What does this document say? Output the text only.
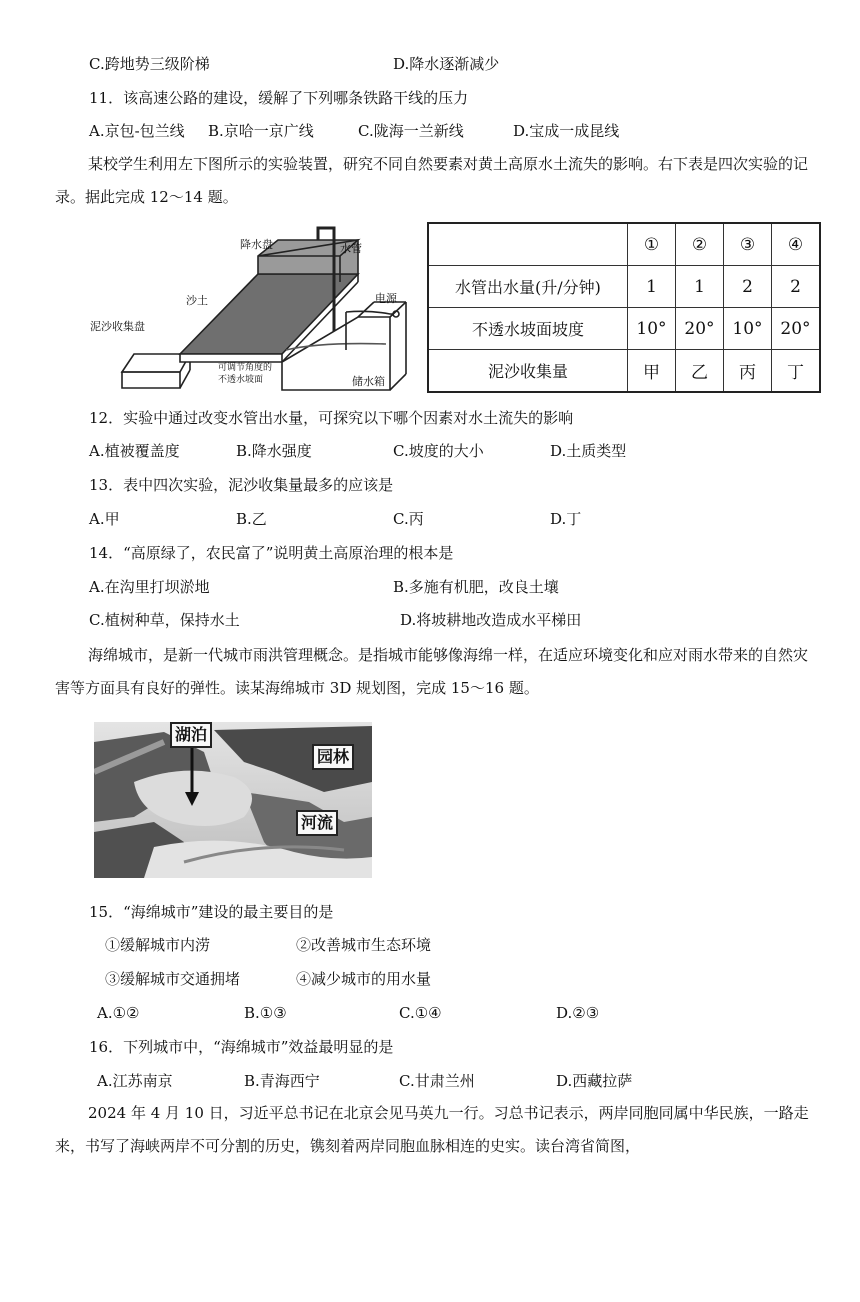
C.跨地势三级阶梯	D.降水逐渐减少
11．该高速公路的建设，缓解了下列哪条铁路干线的压力
A.京包-包兰线 B.京哈一京广线	C.陇海一兰新线	D.宝成一成昆线
某校学生利用左下图所示的实验装置，研究不同自然要素对黄土高原水土流失的影响。右下表是四次实验的记录。据此完成 12～14 题。
降水盘	水管
电源
沙土
泥沙收集盘
可调节角度的
不透水坡面	储水箱
	①	②	③	④
水管出水量(升/分钟)	1	1	2	2
不透水坡面坡度	10°	20°	10°	20°
泥沙收集量	甲	乙	丙	丁
12．实验中通过改变水管出水量，可探究以下哪个因素对水土流失的影响
A.植被覆盖度	B.降水强度	C.坡度的大小	D.土质类型
13．表中四次实验，泥沙收集量最多的应该是
A.甲	B.乙	C.丙	D.丁
14．“高原绿了，农民富了”说明黄土高原治理的根本是
A.在沟里打坝淤地	B.多施有机肥，改良土壤
C.植树种草，保持水土	D.将坡耕地改造成水平梯田
海绵城市，是新一代城市雨洪管理概念。是指城市能够像海绵一样，在适应环境变化和应对雨水带来的自然灾害等方面具有良好的弹性。读某海绵城市 3D 规划图，完成 15～16 题。
湖泊
园林
河流
15．“海绵城市”建设的最主要目的是
①缓解城市内涝	②改善城市生态环境
③缓解城市交通拥堵	④减少城市的用水量
A.①②	B.①③	C.①④	D.②③
16．下列城市中，“海绵城市”效益最明显的是
A.江苏南京	B.青海西宁	C.甘肃兰州	D.西藏拉萨
2024 年 4 月 10 日，习近平总书记在北京会见马英九一行。习总书记表示，两岸同胞同属中华民族，一路走来，书写了海峡两岸不可分割的历史，镌刻着两岸同胞血脉相连的史实。读台湾省简图，
